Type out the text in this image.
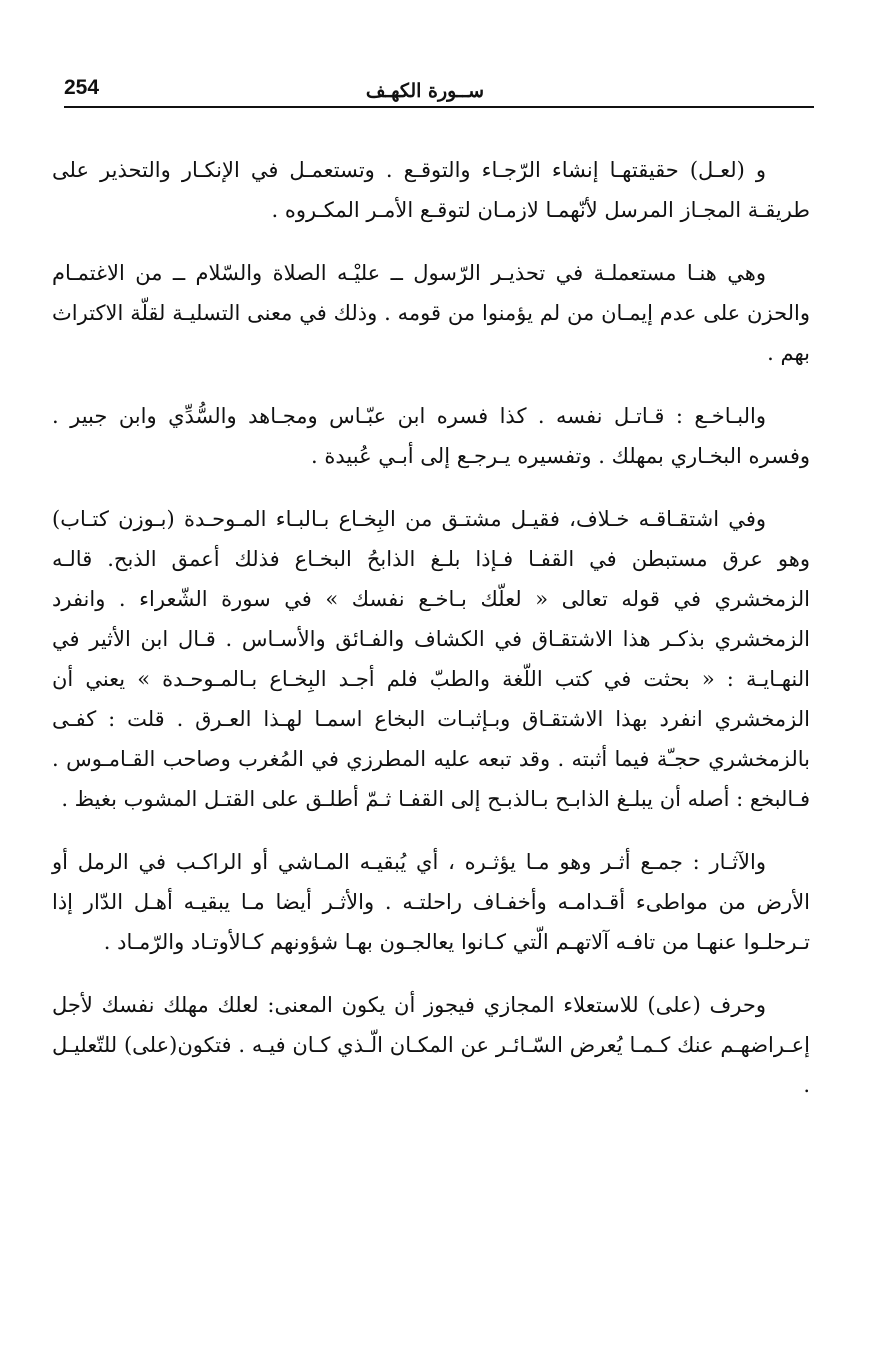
254	ســورة الكهـف

و (لعـل) حقيقتهـا إنشاء الرّجـاء والتوقـع . وتستعمـل في الإنكـار والتحذير على طريقـة المجـاز المرسل لأنّهمـا لازمـان لتوقـع الأمـر المكـروه .

وهي هنـا مستعملـة في تحذيـر الرّسول ــ عليْـه الصلاة والسّلام ــ من الاغتمـام والحزن على عدم إيمـان من لم يؤمنوا من قومه . وذلك في معنى التسليـة لقلّة الاكتراث بهم .

والبـاخـع : قـاتـل نفسه . كذا فسره ابن عبّـاس ومجـاهد والسُّدِّي وابن جبير . وفسره البخـاري بمهلك . وتفسيره يـرجـع إلى أبـي عُبيدة .

وفي اشتقـاقـه خـلاف، فقيـل مشتـق من البِخـاع بـالبـاء المـوحـدة (بـوزن كتـاب) وهو عرق مستبطن في القفـا فـإذا بلـغ الذابحُ البخـاع فذلك أعمق الذبح. قالـه الزمخشري في قوله تعالى « لعلّك بـاخـع نفسك » في سورة الشّعراء . وانفرد الزمخشري بذكـر هذا الاشتقـاق في الكشاف والفـائق والأسـاس . قـال ابن الأثير في النهـايـة : « بحثت في كتب اللّغة والطبّ فلم أجـد البِخـاع بـالمـوحـدة » يعني أن الزمخشري انفرد بهذا الاشتقـاق وبـإثبـات البخاع اسمـا لهـذا العـرق . قلت : كفـى بالزمخشري حجـّة فيما أثبته . وقد تبعه عليه المطرزي في المُغرب وصاحب القـامـوس . فـالبخع : أصله أن يبلـغ الذابـح بـالذبـح إلى القفـا ثـمّ أطلـق على القتـل المشوب بغيظ .

والآثـار : جمـع أثـر وهو مـا يؤثـره ، أي يُبقيـه المـاشي أو الراكـب في الرمل أو الأرض من مواطىء أقـدامـه وأخفـاف راحلتـه . والأثـر أيضا مـا يبقيـه أهـل الدّار إذا تـرحلـوا عنهـا من تافـه آلاتهـم الّتي كـانوا يعالجـون بهـا شؤونهم كـالأوتـاد والرّمـاد .

وحرف (على) للاستعلاء المجازي فيجوز أن يكون المعنى: لعلك مهلك نفسك لأجل إعـراضهـم عنك كـمـا يُعرض السّـائـر عن المكـان الّـذي كـان فيـه . فتكون(على) للتّعليـل .
